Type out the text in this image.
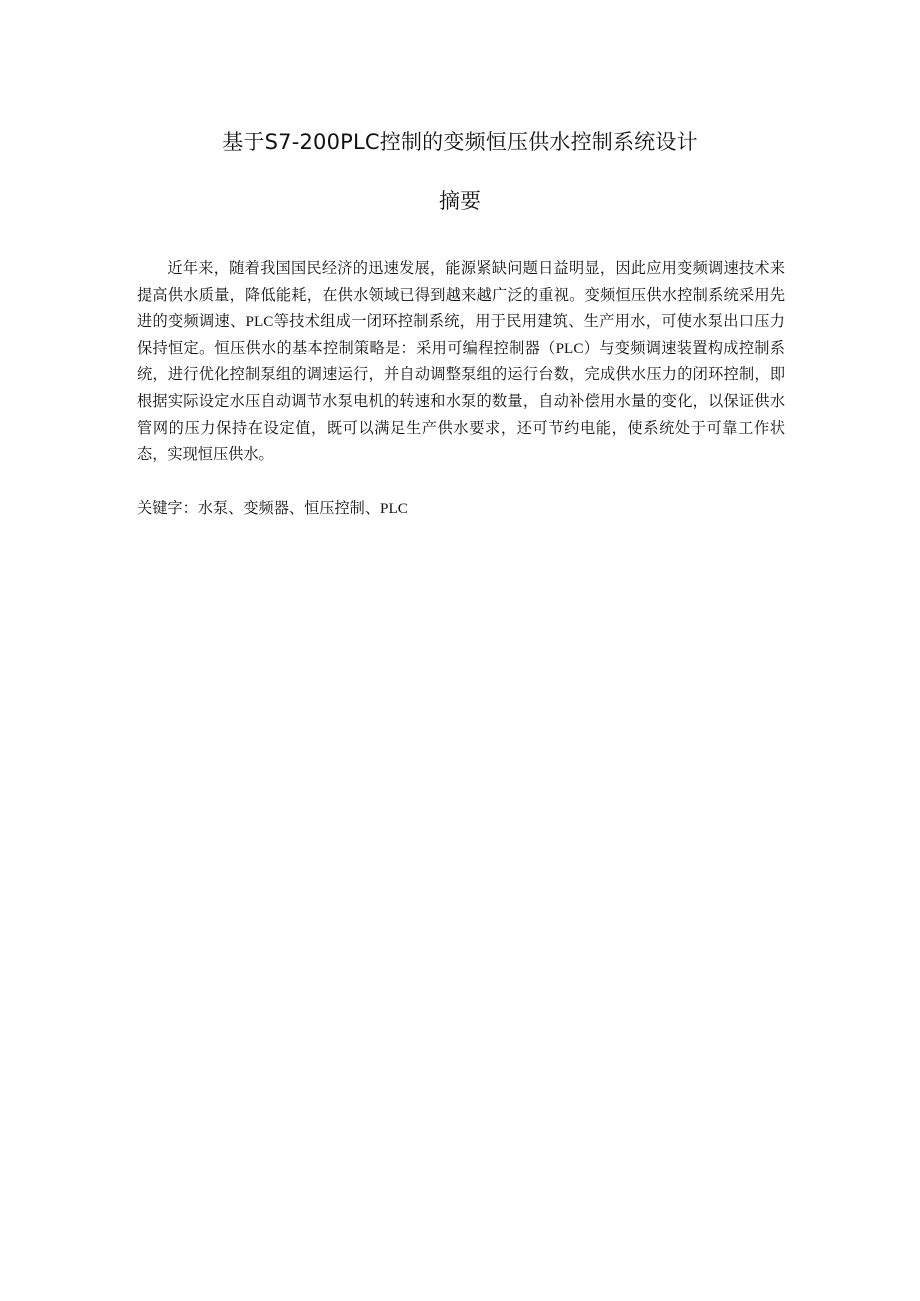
基于S7-200PLC控制的变频恒压供水控制系统设计
摘要

近年来，随着我国国民经济的迅速发展，能源紧缺问题日益明显，因此应用变频调速技术来提高供水质量，降低能耗，在供水领域已得到越来越广泛的重视。变频恒压供水控制系统采用先进的变频调速、PLC等技术组成一闭环控制系统，用于民用建筑、生产用水，可使水泵出口压力保持恒定。恒压供水的基本控制策略是：采用可编程控制器（PLC）与变频调速装置构成控制系统，进行优化控制泵组的调速运行，并自动调整泵组的运行台数，完成供水压力的闭环控制，即根据实际设定水压自动调节水泵电机的转速和水泵的数量，自动补偿用水量的变化，以保证供水管网的压力保持在设定值，既可以满足生产供水要求，还可节约电能，使系统处于可靠工作状态，实现恒压供水。

关键字：水泵、变频器、恒压控制、PLC
